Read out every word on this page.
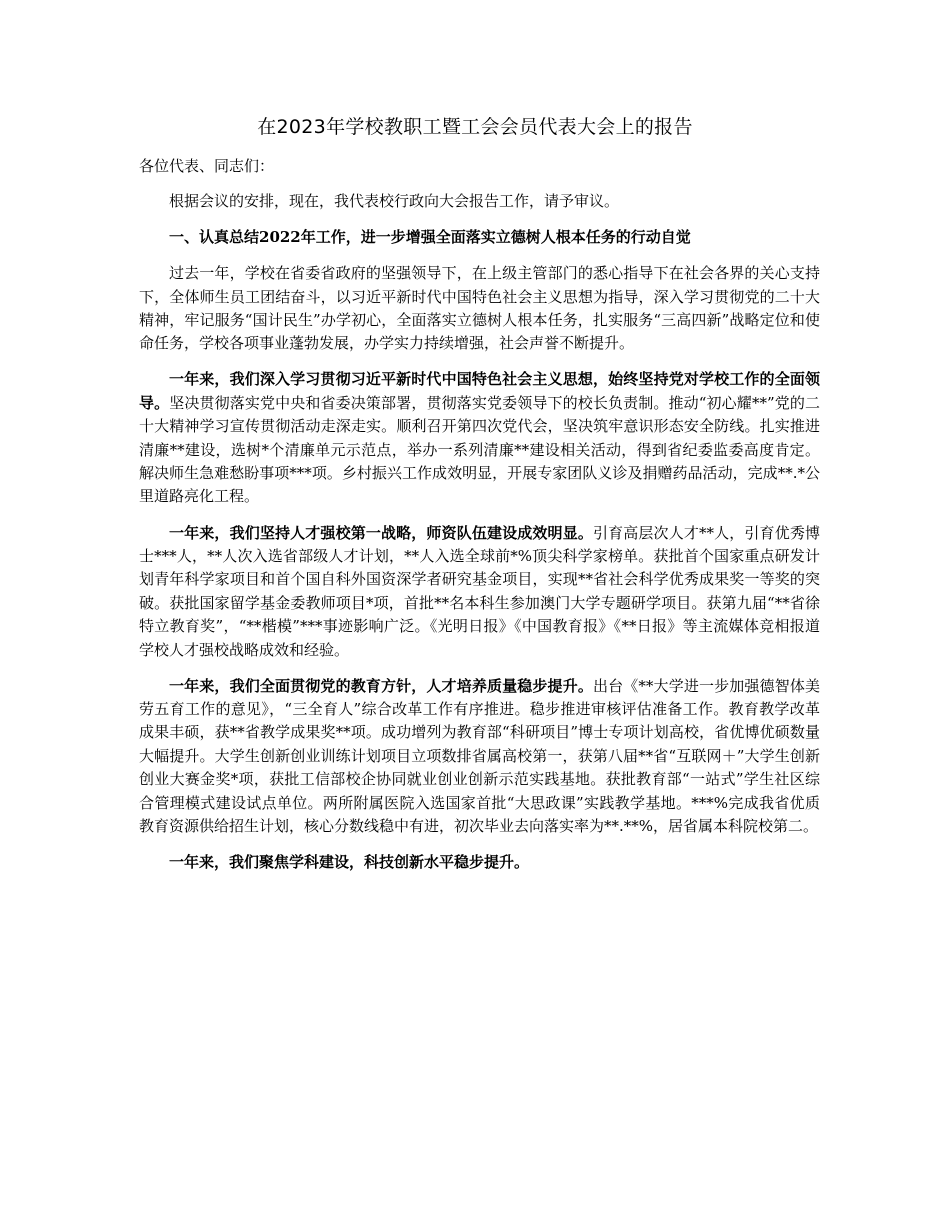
在2023年学校教职工暨工会会员代表大会上的报告

各位代表、同志们：

根据会议的安排，现在，我代表校行政向大会报告工作，请予审议。

一、认真总结2022年工作，进一步增强全面落实立德树人根本任务的行动自觉

过去一年，学校在省委省政府的坚强领导下，在上级主管部门的悉心指导下在社会各界的关心支持下，全体师生员工团结奋斗，以习近平新时代中国特色社会主义思想为指导，深入学习贯彻党的二十大精神，牢记服务“国计民生”办学初心，全面落实立德树人根本任务，扎实服务“三高四新”战略定位和使命任务，学校各项事业蓬勃发展，办学实力持续增强，社会声誉不断提升。

一年来，我们深入学习贯彻习近平新时代中国特色社会主义思想，始终坚持党对学校工作的全面领导。坚决贯彻落实党中央和省委决策部署，贯彻落实党委领导下的校长负责制。推动“初心耀**”党的二十大精神学习宣传贯彻活动走深走实。顺利召开第四次党代会，坚决筑牢意识形态安全防线。扎实推进清廉**建设，选树*个清廉单元示范点，举办一系列清廉**建设相关活动，得到省纪委监委高度肯定。解决师生急难愁盼事项***项。乡村振兴工作成效明显，开展专家团队义诊及捐赠药品活动，完成**.*公里道路亮化工程。

一年来，我们坚持人才强校第一战略，师资队伍建设成效明显。引育高层次人才**人，引育优秀博士***人，**人次入选省部级人才计划，**人入选全球前*%顶尖科学家榜单。获批首个国家重点研发计划青年科学家项目和首个国自科外国资深学者研究基金项目，实现**省社会科学优秀成果奖一等奖的突破。获批国家留学基金委教师项目*项，首批**名本科生参加澳门大学专题研学项目。获第九届“**省徐特立教育奖”，“**楷模”***事迹影响广泛。《光明日报》《中国教育报》《**日报》等主流媒体竞相报道学校人才强校战略成效和经验。

一年来，我们全面贯彻党的教育方针，人才培养质量稳步提升。出台《**大学进一步加强德智体美劳五育工作的意见》，“三全育人”综合改革工作有序推进。稳步推进审核评估准备工作。教育教学改革成果丰硕，获**省教学成果奖**项。成功增列为教育部“科研项目”博士专项计划高校，省优博优硕数量大幅提升。大学生创新创业训练计划项目立项数排省属高校第一，获第八届**省“互联网＋”大学生创新创业大赛金奖*项，获批工信部校企协同就业创业创新示范实践基地。获批教育部“一站式”学生社区综合管理模式建设试点单位。两所附属医院入选国家首批“大思政课”实践教学基地。***%完成我省优质教育资源供给招生计划，核心分数线稳中有进，初次毕业去向落实率为**.**%，居省属本科院校第二。

一年来，我们聚焦学科建设，科技创新水平稳步提升。
